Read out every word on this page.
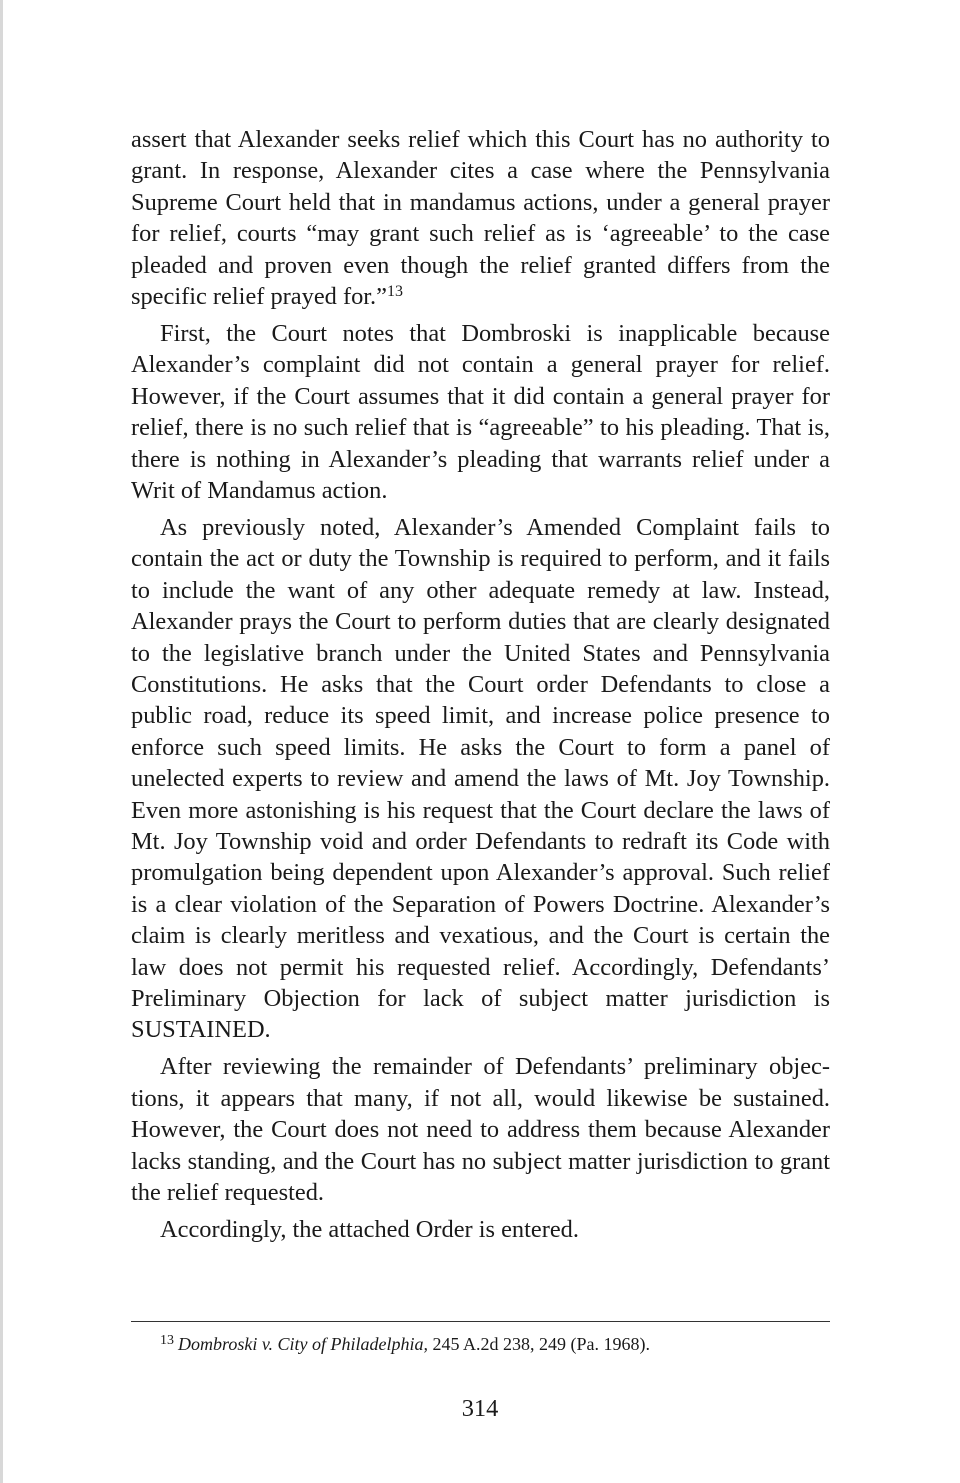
assert that Alexander seeks relief which this Court has no authority to grant. In response, Alexander cites a case where the Pennsylvania Supreme Court held that in mandamus actions, under a general prayer for relief, courts “may grant such relief as is ‘agreeable’ to the case pleaded and proven even though the relief granted differs from the specific relief prayed for.”$^{13}$

First, the Court notes that Dombroski is inapplicable because Alexander’s complaint did not contain a general prayer for relief. However, if the Court assumes that it did contain a general prayer for relief, there is no such relief that is “agreeable” to his pleading. That is, there is nothing in Alexander’s pleading that warrants relief under a Writ of Mandamus action.

As previously noted, Alexander’s Amended Complaint fails to contain the act or duty the Township is required to perform, and it fails to include the want of any other adequate remedy at law. Instead, Alexander prays the Court to perform duties that are clearly designated to the legislative branch under the United States and Pennsylvania Constitutions. He asks that the Court order Defendants to close a public road, reduce its speed limit, and increase police presence to enforce such speed limits. He asks the Court to form a panel of unelected experts to review and amend the laws of Mt. Joy Township. Even more astonishing is his request that the Court declare the laws of Mt. Joy Township void and order Defendants to redraft its Code with promulgation being dependent upon Alexander’s approval. Such relief is a clear violation of the Separation of Powers Doctrine. Alexander’s claim is clearly meritless and vexatious, and the Court is certain the law does not permit his requested relief. Accordingly, Defendants’ Preliminary Objection for lack of subject matter jurisdiction is SUSTAINED.

After reviewing the remainder of Defendants’ preliminary objections, it appears that many, if not all, would likewise be sustained. However, the Court does not need to address them because Alexander lacks standing, and the Court has no subject matter jurisdiction to grant the relief requested.

Accordingly, the attached Order is entered.

$^{13}$ Dombroski v. City of Philadelphia, 245 A.2d 238, 249 (Pa. 1968).
314
